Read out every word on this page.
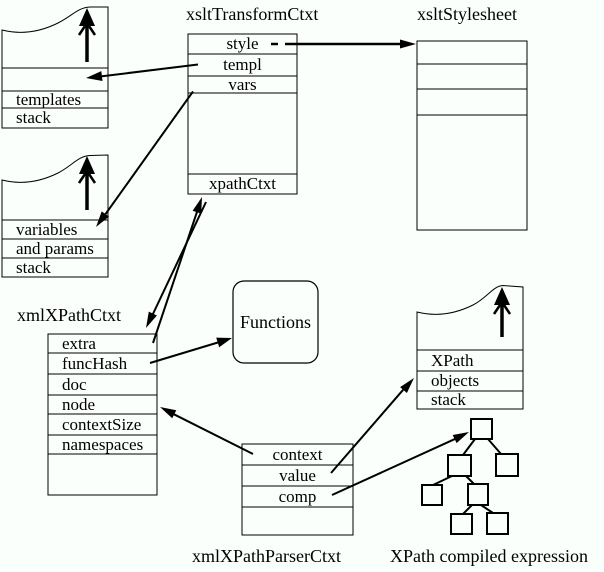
xsltTransformCtxt	xsltStylesheet
xmlXPathCtxt
xmlXPathParserCtxt	XPath compiled expression
style
templ
vars
xpathCtxt
extra
funcHash
doc
node
contextSize
namespaces
context
value
comp
Functions
templates
stack
variables
and params
stack
XPath
objects
stack
